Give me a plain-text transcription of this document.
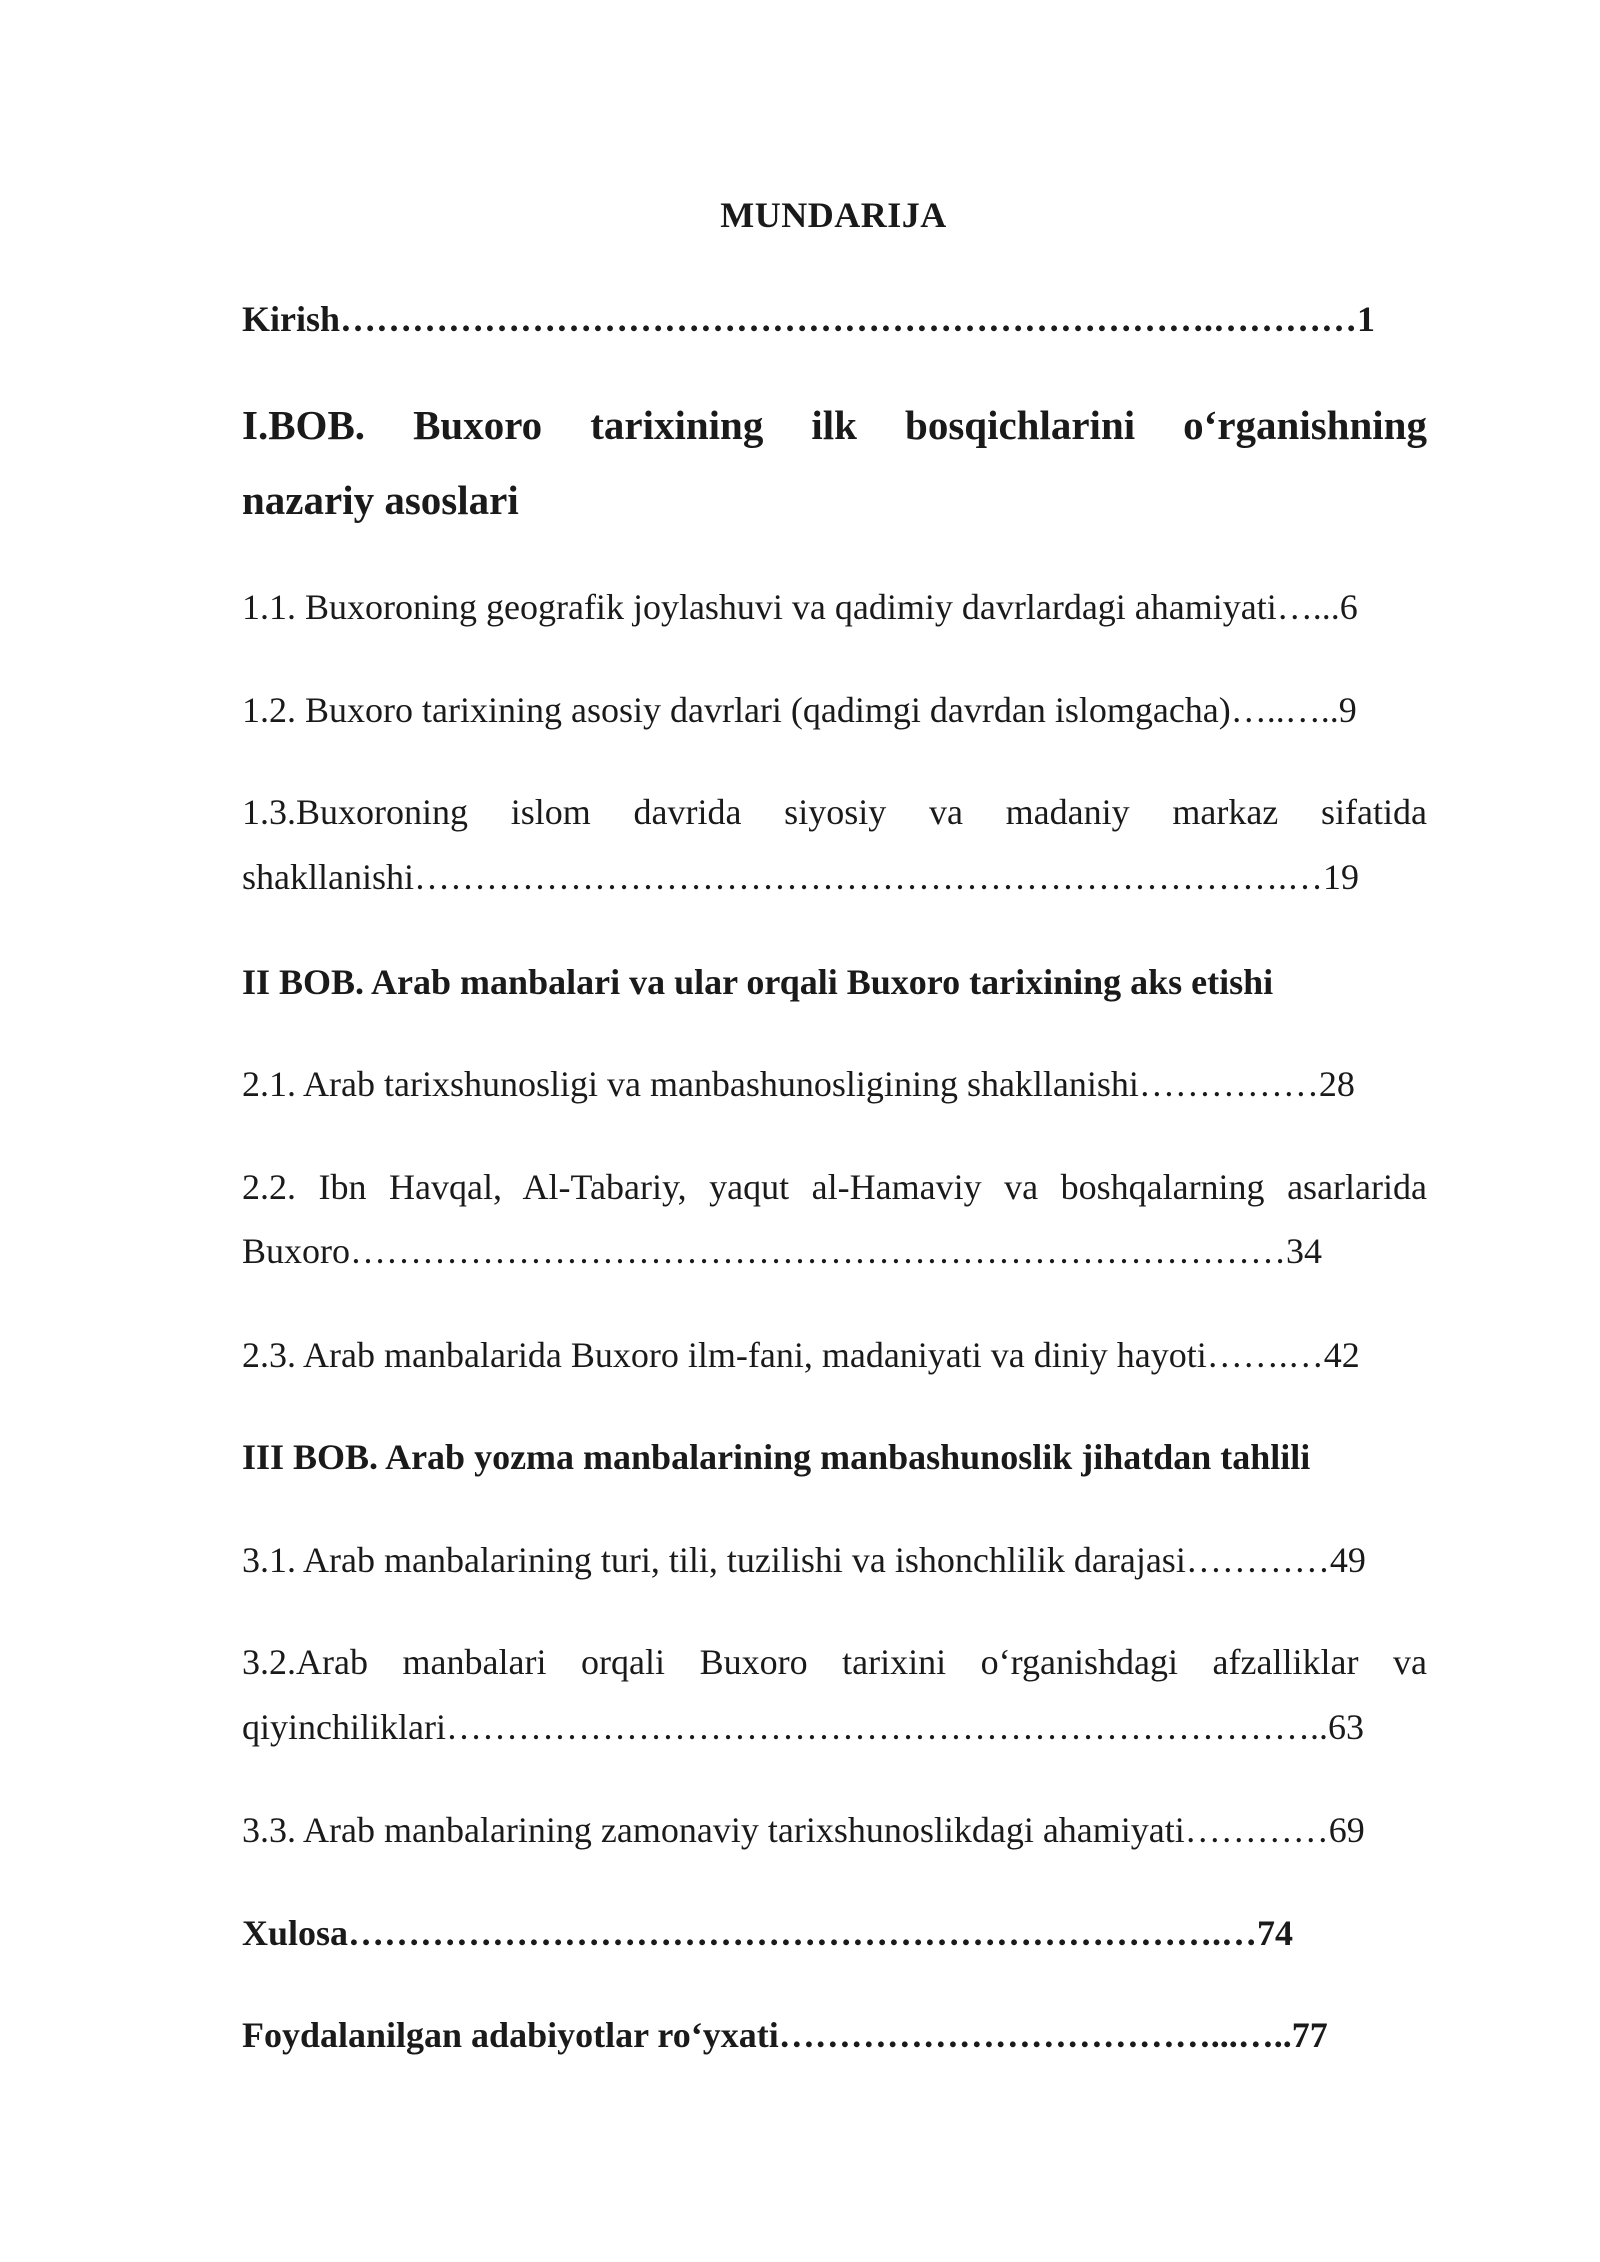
MUNDARIJA

Kirish……………………………………………………………….…………1

I.BOB. Buxoro tarixining ilk bosqichlarini oʻrganishning

nazariy asoslari

1.1. Buxoroning geografik joylashuvi va qadimiy davrlardagi ahamiyati…...6

1.2. Buxoro tarixining asosiy davrlari (qadimgi davrdan islomgacha)…..…..9

1.3.Buxoroning islom davrida siyosiy va madaniy markaz sifatida

shakllanishi……………………………………………………………….…19

II BOB. Arab manbalari va ular orqali Buxoro tarixining aks etishi

2.1. Arab tarixshunosligi va manbashunosligining shakllanishi……………28

2.2. Ibn Havqal, Al-Tabariy, yaqut al-Hamaviy va boshqalarning asarlarida

Buxoro……………………………………………………………………34

2.3. Arab manbalarida Buxoro ilm-fani, madaniyati va diniy hayoti…….…42

III BOB. Arab yozma manbalarining manbashunoslik jihatdan tahlili

3.1. Arab manbalarining turi, tili, tuzilishi va ishonchlilik darajasi…………49

3.2.Arab manbalari orqali Buxoro tarixini oʻrganishdagi afzalliklar va

qiyinchiliklari………………………………………………………………..63

3.3. Arab manbalarining zamonaviy tarixshunoslikdagi ahamiyati…………69

Xulosa……………………………………………………………….…74

Foydalanilgan adabiyotlar roʻyxati………………………………...…..77
